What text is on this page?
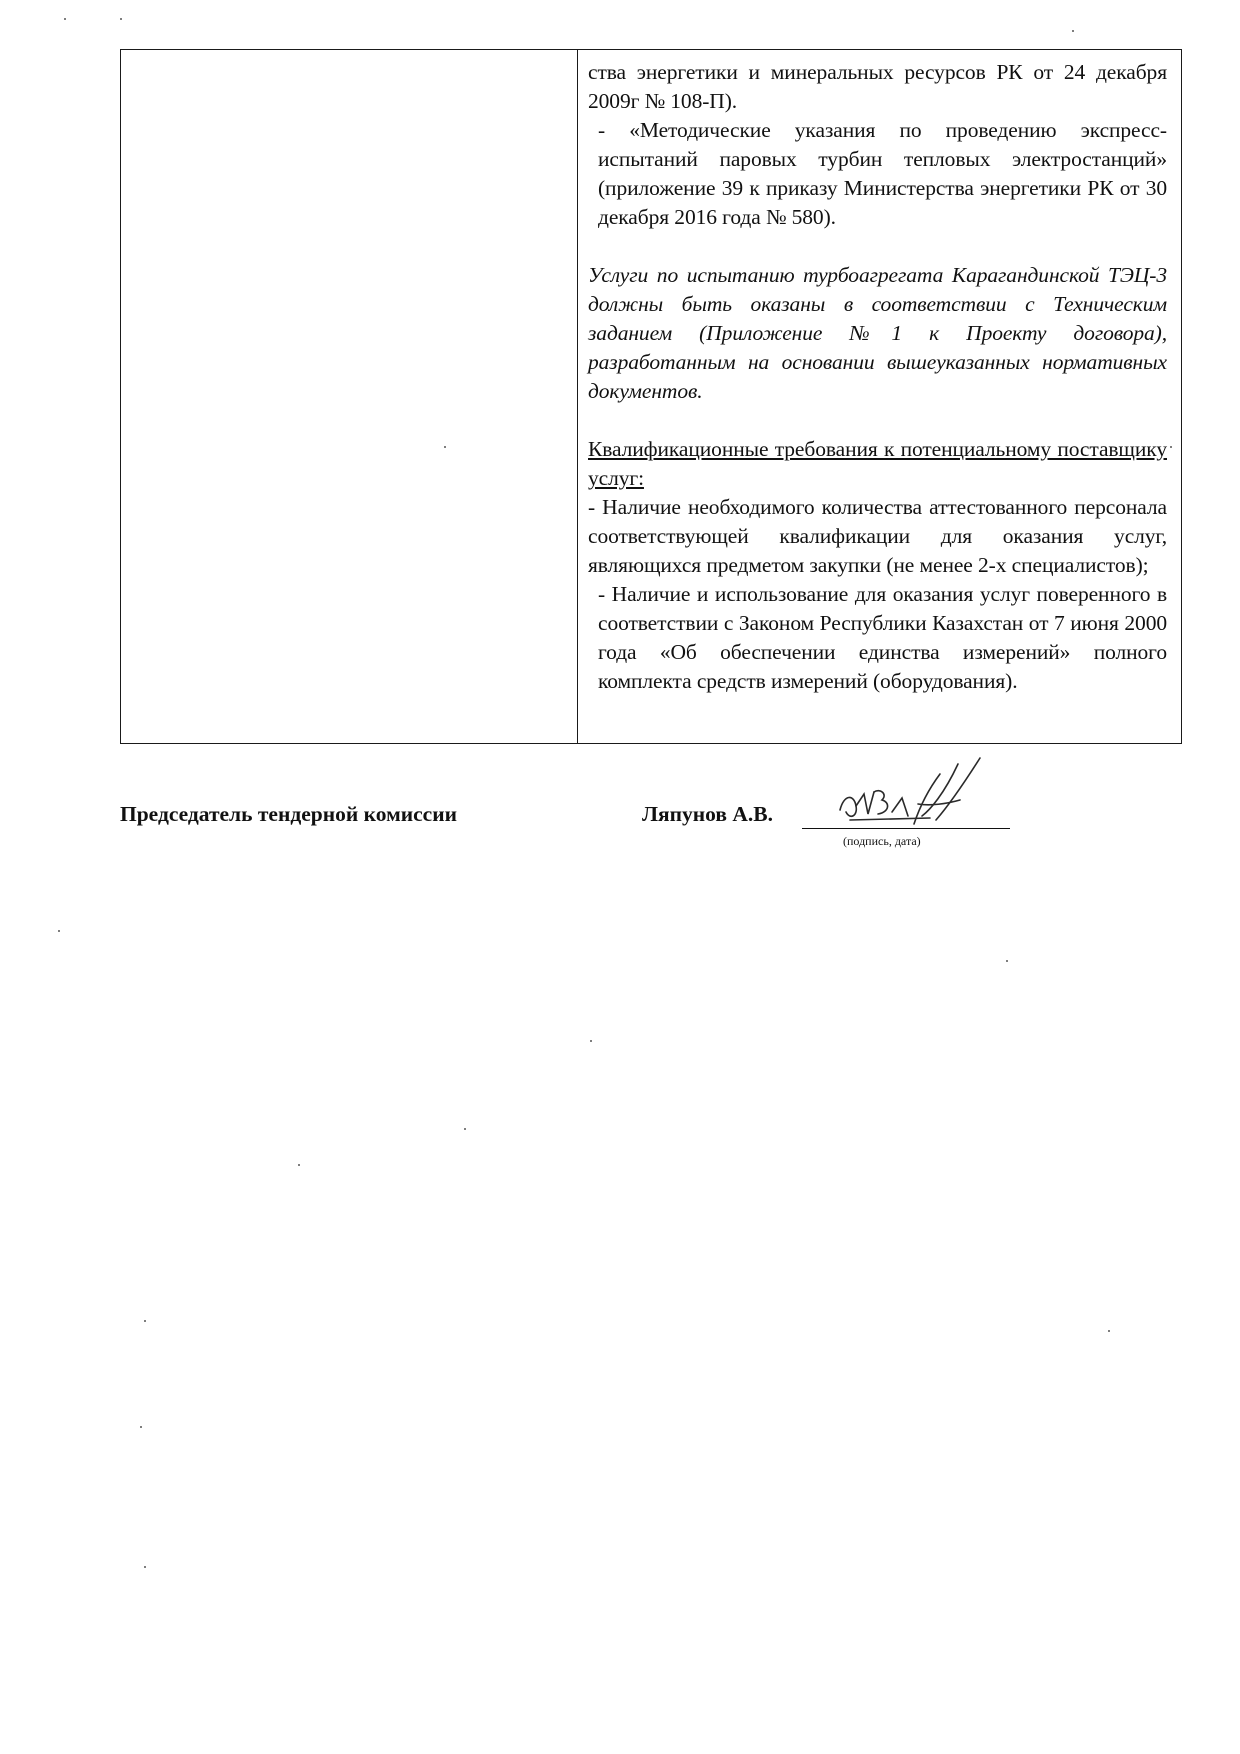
ства энергетики и минеральных ресурсов РК от 24 декабря 2009г № 108-П).

- «Методические указания по проведению экспресс-испытаний паровых турбин тепловых электростанций» (приложение 39 к приказу Министерства энергетики РК от 30 декабря 2016 года № 580).

Услуги по испытанию турбоагрегата Карагандинской ТЭЦ-3 должны быть оказаны в соответствии с Техническим заданием (Приложение №1 к Проекту договора), разработанным на основании вышеуказанных нормативных документов.

Квалификационные требования к потенциальному поставщику услуг:

- Наличие необходимого количества аттестованного персонала соответствующей квалификации для оказания услуг, являющихся предметом закупки (не менее 2-х специалистов);

- Наличие и использование для оказания услуг поверенного в соответствии с Законом Республики Казахстан от 7 июня 2000 года «Об обеспечении единства измерений» полного комплекта средств измерений (оборудования).

Председатель тендерной комиссии	Ляпунов А.В.
(подпись, дата)
